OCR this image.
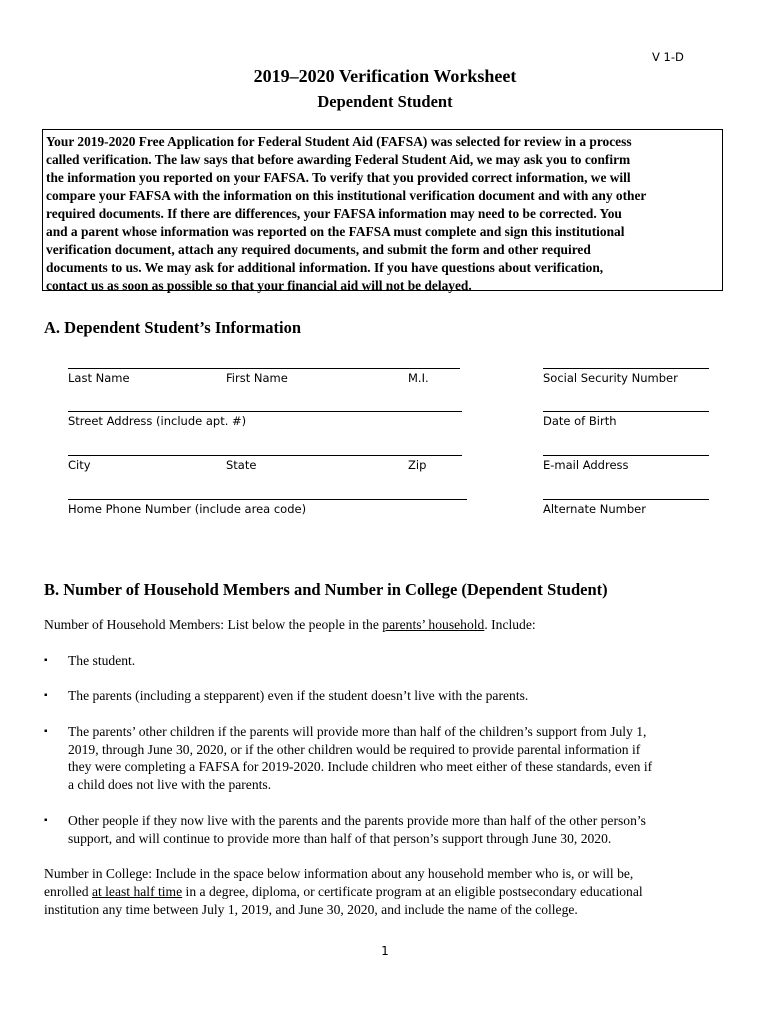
V 1-D
2019–2020 Verification Worksheet
Dependent Student
Your 2019-2020 Free Application for Federal Student Aid (FAFSA) was selected for review in a process
called verification. The law says that before awarding Federal Student Aid, we may ask you to confirm
the information you reported on your FAFSA. To verify that you provided correct information, we will
compare your FAFSA with the information on this institutional verification document and with any other
required documents. If there are differences, your FAFSA information may need to be corrected. You
and a parent whose information was reported on the FAFSA must complete and sign this institutional
verification document, attach any required documents, and submit the form and other required
documents to us. We may ask for additional information. If you have questions about verification,
contact us as soon as possible so that your financial aid will not be delayed.
A. Dependent Student’s Information
Last Name	First Name	M.I.	Social Security Number
Street Address (include apt. #)	Date of Birth
City	State	Zip	E-mail Address
Home Phone Number (include area code)	Alternate Number
B. Number of Household Members and Number in College (Dependent Student)
Number of Household Members: List below the people in the parents’ household. Include:
▪ The student.
▪ The parents (including a stepparent) even if the student doesn’t live with the parents.
▪ The parents’ other children if the parents will provide more than half of the children’s support from July 1,
2019, through June 30, 2020, or if the other children would be required to provide parental information if
they were completing a FAFSA for 2019-2020. Include children who meet either of these standards, even if
a child does not live with the parents.
▪ Other people if they now live with the parents and the parents provide more than half of the other person’s
support, and will continue to provide more than half of that person’s support through June 30, 2020.
Number in College: Include in the space below information about any household member who is, or will be,
enrolled at least half time in a degree, diploma, or certificate program at an eligible postsecondary educational
institution any time between July 1, 2019, and June 30, 2020, and include the name of the college.
1
